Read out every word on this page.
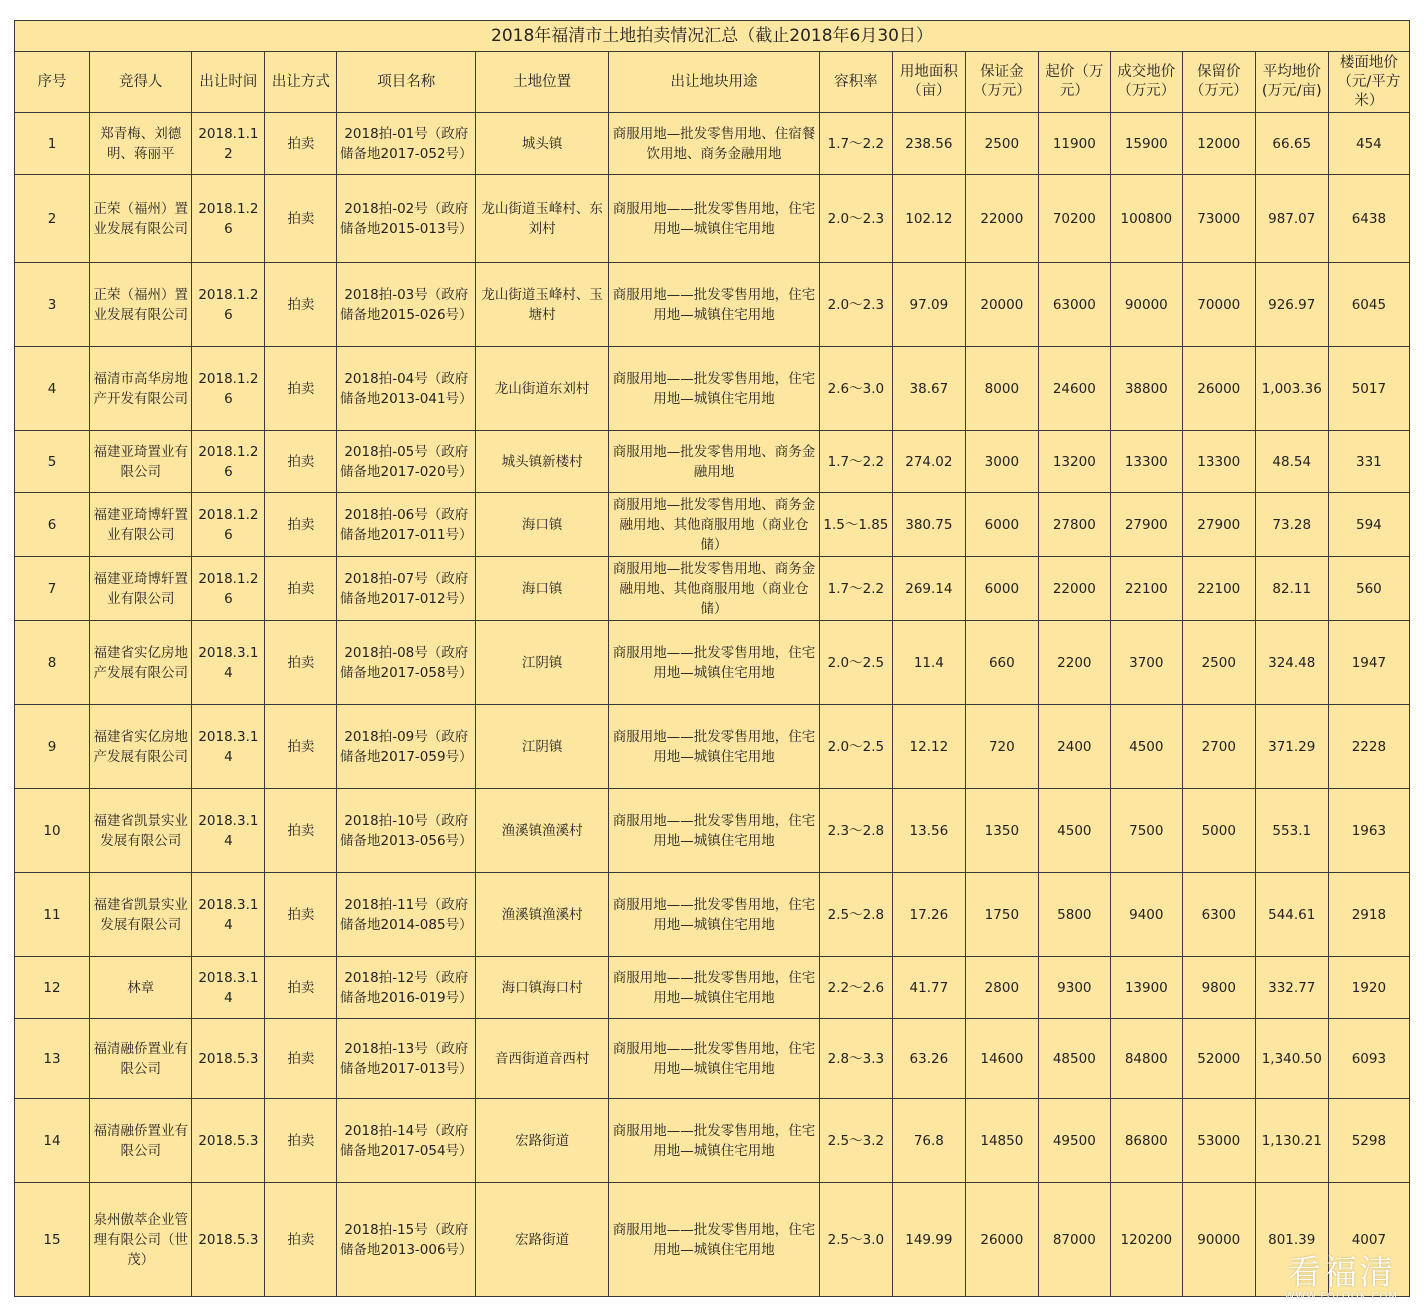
2018年福清市土地拍卖情况汇总（截止2018年6月30日）														
序号	竞得人	出让时间	出让方式	项目名称	土地位置	出让地块用途	容积率	用地面积（亩）	保证金（万元）	起价（万元）	成交地价（万元）	保留价（万元）	平均地价(万元/亩)	楼面地价（元/平方米）
1	郑青梅、刘德明、蒋丽平	2018.1.12	拍卖	2018拍-01号（政府储备地2017-052号）	城头镇	商服用地—批发零售用地、住宿餐饮用地、商务金融用地	1.7～2.2	238.56	2500	11900	15900	12000	66.65	454
2	正荣（福州）置业发展有限公司	2018.1.26	拍卖	2018拍-02号（政府储备地2015-013号）	龙山街道玉峰村、东刘村	商服用地——批发零售用地，住宅用地—城镇住宅用地	2.0～2.3	102.12	22000	70200	100800	73000	987.07	6438
3	正荣（福州）置业发展有限公司	2018.1.26	拍卖	2018拍-03号（政府储备地2015-026号）	龙山街道玉峰村、玉塘村	商服用地——批发零售用地，住宅用地—城镇住宅用地	2.0～2.3	97.09	20000	63000	90000	70000	926.97	6045
4	福清市高华房地产开发有限公司	2018.1.26	拍卖	2018拍-04号（政府储备地2013-041号）	龙山街道东刘村	商服用地——批发零售用地，住宅用地—城镇住宅用地	2.6～3.0	38.67	8000	24600	38800	26000	1,003.36	5017
5	福建亚琦置业有限公司	2018.1.26	拍卖	2018拍-05号（政府储备地2017-020号）	城头镇新楼村	商服用地—批发零售用地、商务金融用地	1.7～2.2	274.02	3000	13200	13300	13300	48.54	331
6	福建亚琦博轩置业有限公司	2018.1.26	拍卖	2018拍-06号（政府储备地2017-011号）	海口镇	商服用地—批发零售用地、商务金融用地、其他商服用地（商业仓储）	1.5～1.85	380.75	6000	27800	27900	27900	73.28	594
7	福建亚琦博轩置业有限公司	2018.1.26	拍卖	2018拍-07号（政府储备地2017-012号）	海口镇	商服用地—批发零售用地、商务金融用地、其他商服用地（商业仓储）	1.7～2.2	269.14	6000	22000	22100	22100	82.11	560
8	福建省实亿房地产发展有限公司	2018.3.14	拍卖	2018拍-08号（政府储备地2017-058号）	江阴镇	商服用地——批发零售用地，住宅用地—城镇住宅用地	2.0～2.5	11.4	660	2200	3700	2500	324.48	1947
9	福建省实亿房地产发展有限公司	2018.3.14	拍卖	2018拍-09号（政府储备地2017-059号）	江阴镇	商服用地——批发零售用地，住宅用地—城镇住宅用地	2.0～2.5	12.12	720	2400	4500	2700	371.29	2228
10	福建省凯景实业发展有限公司	2018.3.14	拍卖	2018拍-10号（政府储备地2013-056号）	渔溪镇渔溪村	商服用地——批发零售用地，住宅用地—城镇住宅用地	2.3～2.8	13.56	1350	4500	7500	5000	553.1	1963
11	福建省凯景实业发展有限公司	2018.3.14	拍卖	2018拍-11号（政府储备地2014-085号）	渔溪镇渔溪村	商服用地——批发零售用地，住宅用地—城镇住宅用地	2.5～2.8	17.26	1750	5800	9400	6300	544.61	2918
12	林章	2018.3.14	拍卖	2018拍-12号（政府储备地2016-019号）	海口镇海口村	商服用地——批发零售用地，住宅用地—城镇住宅用地	2.2～2.6	41.77	2800	9300	13900	9800	332.77	1920
13	福清融侨置业有限公司	2018.5.3	拍卖	2018拍-13号（政府储备地2017-013号）	音西街道音西村	商服用地——批发零售用地，住宅用地—城镇住宅用地	2.8～3.3	63.26	14600	48500	84800	52000	1,340.50	6093
14	福清融侨置业有限公司	2018.5.3	拍卖	2018拍-14号（政府储备地2017-054号）	宏路街道	商服用地——批发零售用地，住宅用地—城镇住宅用地	2.5～3.2	76.8	14850	49500	86800	53000	1,130.21	5298
15	泉州傲萃企业管理有限公司（世茂）	2018.5.3	拍卖	2018拍-15号（政府储备地2013-006号）	宏路街道	商服用地——批发零售用地，住宅用地—城镇住宅用地	2.5～3.0	149.99	26000	87000	120200	90000	801.39	4007
看福清
WWW.FQLOOK.COM
